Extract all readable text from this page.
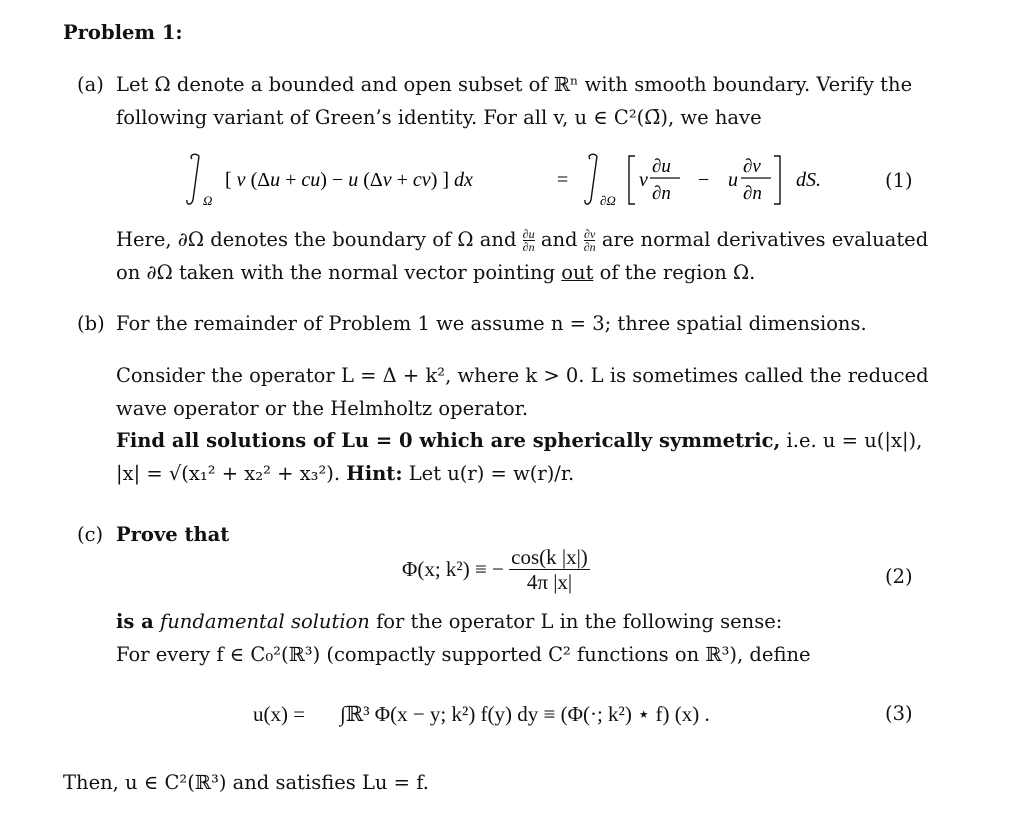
Problem 1:
(a) Let Ω denote a bounded and open subset of ℝⁿ with smooth boundary. Verify the
following variant of Green’s identity. For all v, u ∈ C²(Ω̄), we have
Ω
[ v (Δu + cu) − u (Δv + cv) ] dx	=
∂Ω
v
∂u
∂n
− u
∂v
∂n
dS.	(1)
Here, ∂Ω denotes the boundary of Ω and $\frac{\partial u}{\partial n}$ and $\frac{\partial v}{\partial n}$ are normal derivatives evaluated
on ∂Ω taken with the normal vector pointing out of the region Ω.
(b) For the remainder of Problem 1 we assume n = 3; three spatial dimensions.
Consider the operator L = Δ + k², where k > 0. L is sometimes called the reduced
wave operator or the Helmholtz operator.
Find all solutions of Lu = 0 which are spherically symmetric, i.e. u = u(|x|),
|x| = √(x₁² + x₂² + x₃²). Hint: Let u(r) = w(r)/r.
(c) Prove that
Φ(x; k²) ≡ − $\frac{\cos(k |x|)}{4\pi |x|}$	(2)
is a fundamental solution for the operator L in the following sense:
For every f ∈ C₀²(ℝ³) (compactly supported C² functions on ℝ³), define
u(x) = ∫ℝ³ Φ(x − y; k²) f(y) dy ≡ (Φ(·; k²) ⋆ f) (x) .	(3)
Then, u ∈ C²(ℝ³) and satisfies Lu = f.
